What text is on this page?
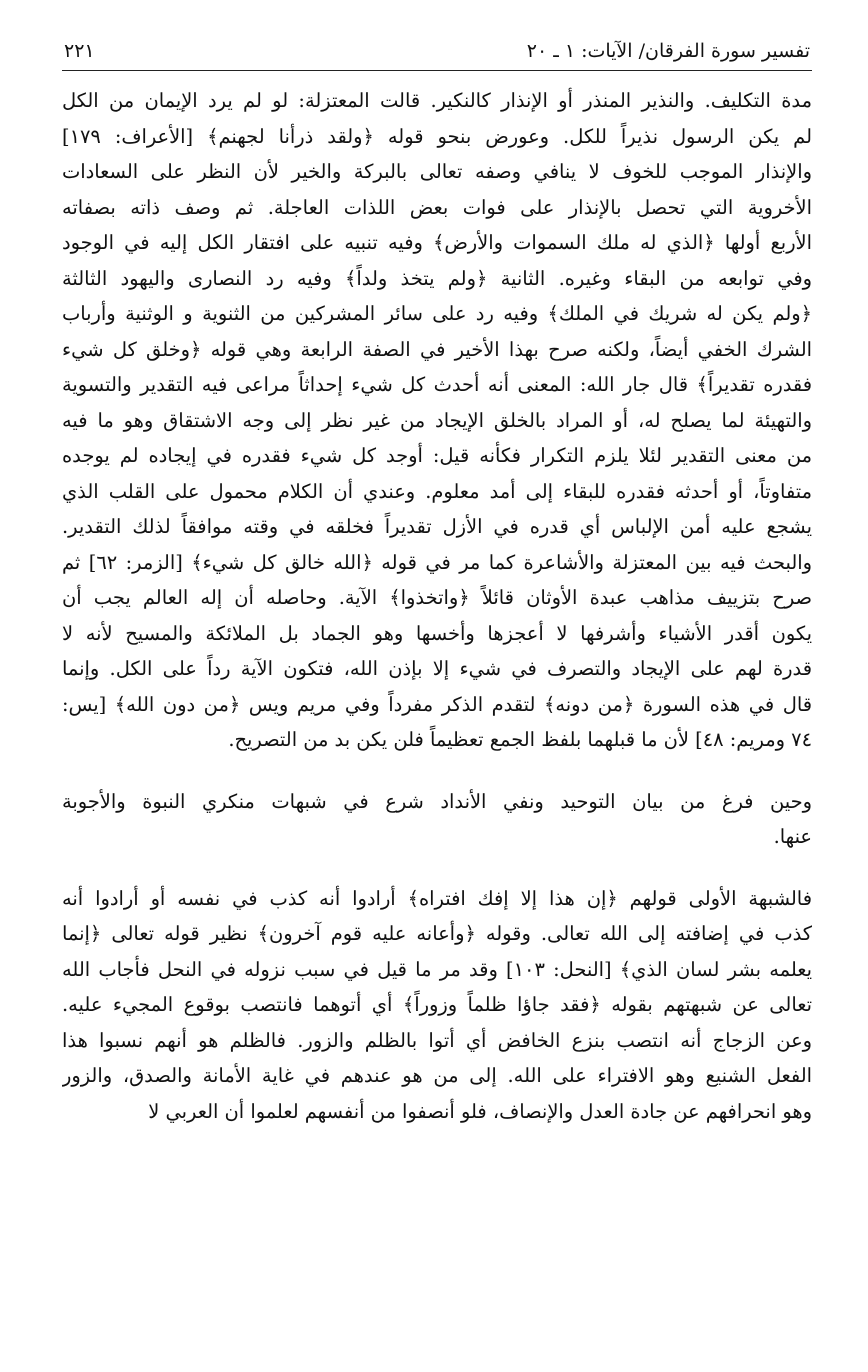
تفسير سورة الفرقان/ الآيات: ١ ـ ٢٠
٢٢١
مدة التكليف. والنذير المنذر أو الإنذار كالنكير. قالت المعتزلة: لو لم يرد الإيمان من الكل
لم يكن الرسول نذيراً للكل. وعورض بنحو قوله ﴿ولقد ذرأنا لجهنم﴾ [الأعراف: ١٧٩]
والإنذار الموجب للخوف لا ينافي وصفه تعالى بالبركة والخير لأن النظر على السعادات
الأخروية التي تحصل بالإنذار على فوات بعض اللذات العاجلة. ثم وصف ذاته بصفاته
الأربع أولها ﴿الذي له ملك السموات والأرض﴾ وفيه تنبيه على افتقار الكل إليه في الوجود
وفي توابعه من البقاء وغيره. الثانية ﴿ولم يتخذ ولداً﴾ وفيه رد النصارى واليهود الثالثة
﴿ولم يكن له شريك في الملك﴾ وفيه رد على سائر المشركين من الثنوية و الوثنية وأرباب
الشرك الخفي أيضاً، ولكنه صرح بهذا الأخير في الصفة الرابعة وهي قوله ﴿وخلق كل شيء
فقدره تقديراً﴾ قال جار الله: المعنى أنه أحدث كل شيء إحداثاً مراعى فيه التقدير والتسوية
والتهيئة لما يصلح له، أو المراد بالخلق الإيجاد من غير نظر إلى وجه الاشتقاق وهو ما فيه
من معنى التقدير لئلا يلزم التكرار فكأنه قيل: أوجد كل شيء فقدره في إيجاده لم يوجده
متفاوتاً، أو أحدثه فقدره للبقاء إلى أمد معلوم. وعندي أن الكلام محمول على القلب الذي
يشجع عليه أمن الإلباس أي قدره في الأزل تقديراً فخلقه في وقته موافقاً لذلك التقدير.
والبحث فيه بين المعتزلة والأشاعرة كما مر في قوله ﴿الله خالق كل شيء﴾ [الزمر: ٦٢] ثم
صرح بتزييف مذاهب عبدة الأوثان قائلاً ﴿واتخذوا﴾ الآية. وحاصله أن إله العالم يجب أن
يكون أقدر الأشياء وأشرفها لا أعجزها وأخسها وهو الجماد بل الملائكة والمسيح لأنه لا
قدرة لهم على الإيجاد والتصرف في شيء إلا بإذن الله، فتكون الآية رداً على الكل. وإنما
قال في هذه السورة ﴿من دونه﴾ لتقدم الذكر مفرداً وفي مريم ويس ﴿من دون الله﴾ [يس:
٧٤ ومريم: ٤٨] لأن ما قبلهما بلفظ الجمع تعظيماً فلن يكن بد من التصريح.
وحين فرغ من بيان التوحيد ونفي الأنداد شرع في شبهات منكري النبوة والأجوبة
عنها.
فالشبهة الأولى قولهم ﴿إن هذا إلا إفك افتراه﴾ أرادوا أنه كذب في نفسه أو أرادوا أنه
كذب في إضافته إلى الله تعالى. وقوله ﴿وأعانه عليه قوم آخرون﴾ نظير قوله تعالى ﴿إنما
يعلمه بشر لسان الذي﴾ [النحل: ١٠٣] وقد مر ما قيل في سبب نزوله في النحل فأجاب الله
تعالى عن شبهتهم بقوله ﴿فقد جاؤا ظلماً وزوراً﴾ أي أتوهما فانتصب بوقوع المجيء عليه.
وعن الزجاج أنه انتصب بنزع الخافض أي أتوا بالظلم والزور. فالظلم هو أنهم نسبوا هذا
الفعل الشنيع وهو الافتراء على الله. إلى من هو عندهم في غاية الأمانة والصدق، والزور
وهو انحرافهم عن جادة العدل والإنصاف، فلو أنصفوا من أنفسهم لعلموا أن العربي لا
